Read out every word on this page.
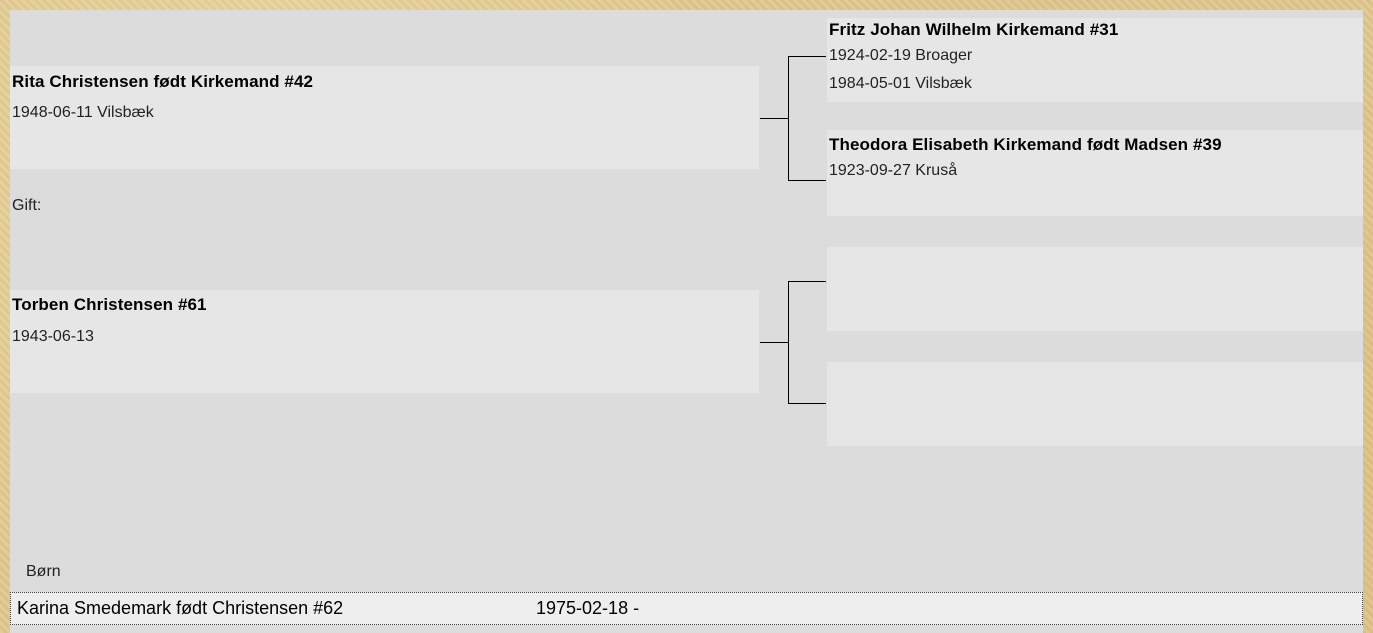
Rita Christensen født Kirkemand #42
1948-06-11 Vilsbæk
Gift:
Torben Christensen #61
1943-06-13
Fritz Johan Wilhelm Kirkemand #31
1924-02-19 Broager
1984-05-01 Vilsbæk
Theodora Elisabeth Kirkemand født Madsen #39
1923-09-27 Kruså
Børn
Karina Smedemark født Christensen #62	1975-02-18 -
